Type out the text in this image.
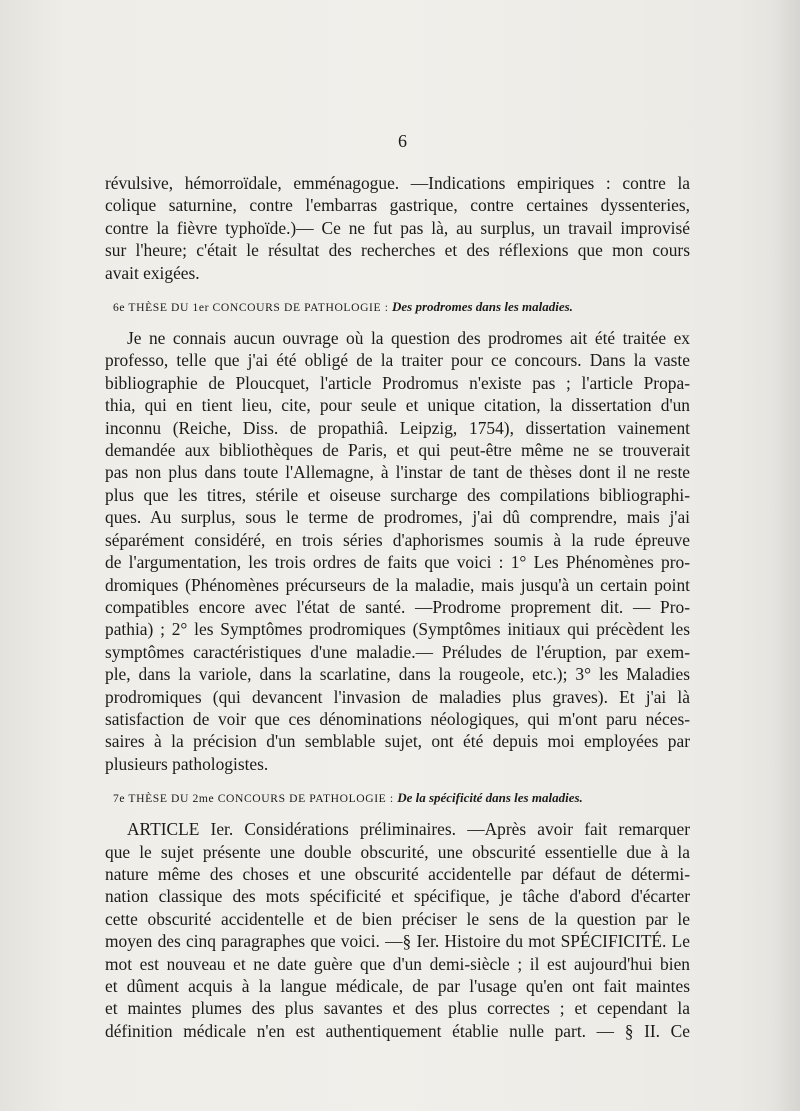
6
révulsive, hémorroïdale, emménagogue. —Indications empiriques : contre la
colique saturnine, contre l'embarras gastrique, contre certaines dyssenteries,
contre la fièvre typhoïde.)— Ce ne fut pas là, au surplus, un travail improvisé
sur l'heure; c'était le résultat des recherches et des réflexions que mon cours
avait exigées.
6e THÈSE DU 1er CONCOURS DE PATHOLOGIE : Des prodromes dans les maladies.
Je ne connais aucun ouvrage où la question des prodromes ait été traitée ex
professo, telle que j'ai été obligé de la traiter pour ce concours. Dans la vaste
bibliographie de Ploucquet, l'article Prodromus n'existe pas ; l'article Propa-
thia, qui en tient lieu, cite, pour seule et unique citation, la dissertation d'un
inconnu (Reiche, Diss. de propathiâ. Leipzig, 1754), dissertation vainement
demandée aux bibliothèques de Paris, et qui peut-être même ne se trouverait
pas non plus dans toute l'Allemagne, à l'instar de tant de thèses dont il ne reste
plus que les titres, stérile et oiseuse surcharge des compilations bibliographi-
ques. Au surplus, sous le terme de prodromes, j'ai dû comprendre, mais j'ai
séparément considéré, en trois séries d'aphorismes soumis à la rude épreuve
de l'argumentation, les trois ordres de faits que voici : 1° Les Phénomènes pro-
dromiques (Phénomènes précurseurs de la maladie, mais jusqu'à un certain point
compatibles encore avec l'état de santé. —Prodrome proprement dit. — Pro-
pathia) ; 2° les Symptômes prodromiques (Symptômes initiaux qui précèdent les
symptômes caractéristiques d'une maladie.— Préludes de l'éruption, par exem-
ple, dans la variole, dans la scarlatine, dans la rougeole, etc.); 3° les Maladies
prodromiques (qui devancent l'invasion de maladies plus graves). Et j'ai là
satisfaction de voir que ces dénominations néologiques, qui m'ont paru néces-
saires à la précision d'un semblable sujet, ont été depuis moi employées par
plusieurs pathologistes.
7e THÈSE DU 2me CONCOURS DE PATHOLOGIE : De la spécificité dans les maladies.
ARTICLE Ier. Considérations préliminaires. —Après avoir fait remarquer
que le sujet présente une double obscurité, une obscurité essentielle due à la
nature même des choses et une obscurité accidentelle par défaut de détermi-
nation classique des mots spécificité et spécifique, je tâche d'abord d'écarter
cette obscurité accidentelle et de bien préciser le sens de la question par le
moyen des cinq paragraphes que voici. —§ Ier. Histoire du mot SPÉCIFICITÉ. Le
mot est nouveau et ne date guère que d'un demi-siècle ; il est aujourd'hui bien
et dûment acquis à la langue médicale, de par l'usage qu'en ont fait maintes
et maintes plumes des plus savantes et des plus correctes ; et cependant la
définition médicale n'en est authentiquement établie nulle part. — § II. Ce
